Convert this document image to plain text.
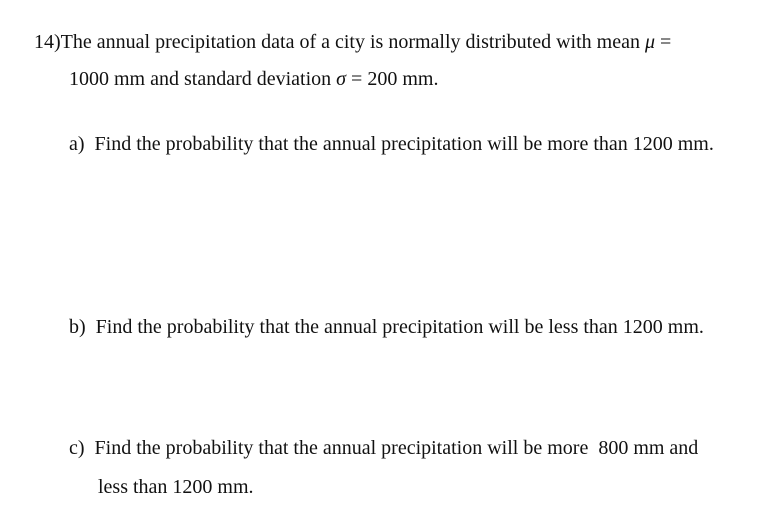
14)The annual precipitation data of a city is normally distributed with mean μ =
1000 mm and standard deviation σ = 200 mm.
a) Find the probability that the annual precipitation will be more than 1200 mm.
b) Find the probability that the annual precipitation will be less than 1200 mm.
c) Find the probability that the annual precipitation will be more  800 mm and
less than 1200 mm.
